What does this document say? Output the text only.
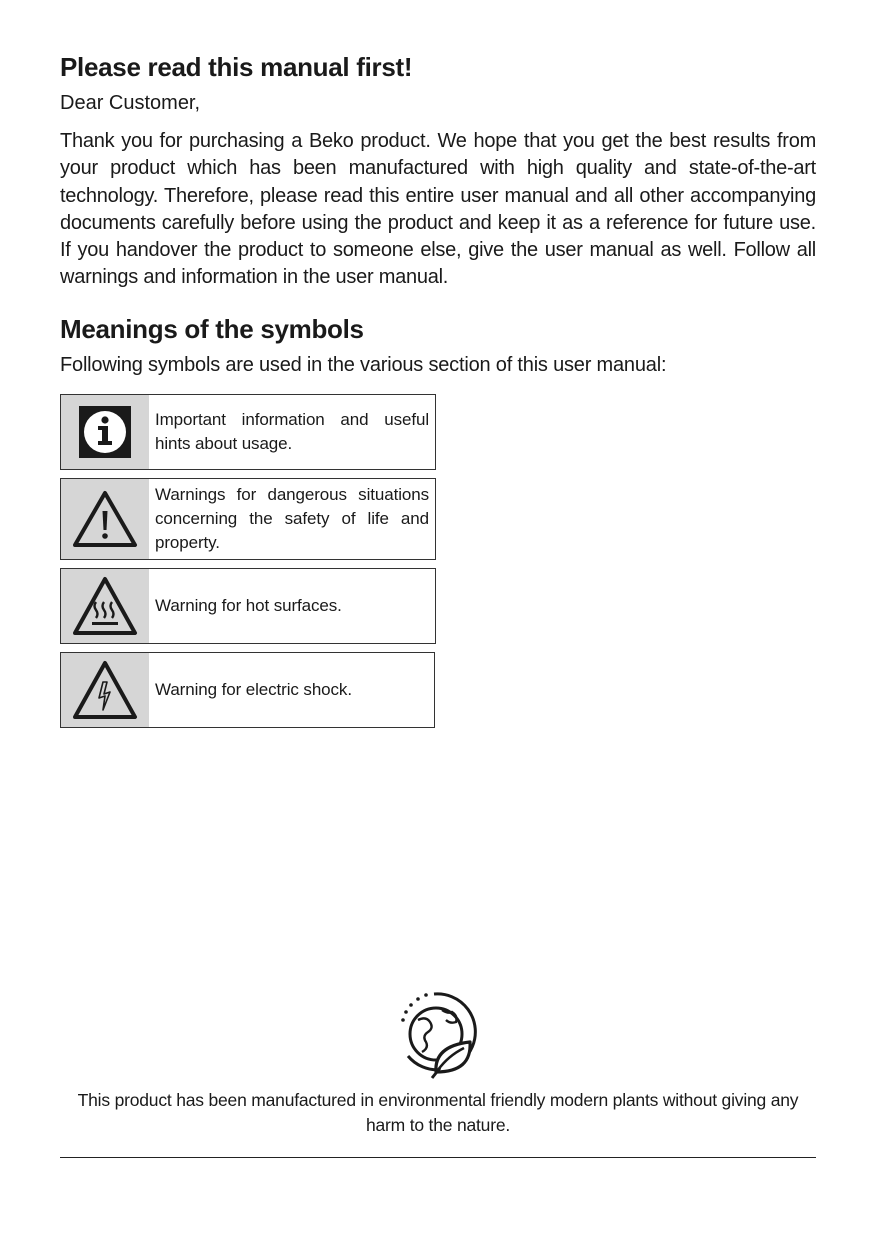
Please read this manual first!

Dear Customer,

Thank you for purchasing a Beko product. We hope that you get the best results from your product which has been manufactured with high quality and state-of-the-art technology. Therefore, please read this entire user manual and all other accompanying documents carefully before using the product and keep it as a reference for future use. If you handover the product to someone else, give the user manual as well. Follow all warnings and information in the user manual.

Meanings of the symbols

Following symbols are used in the various section of this user manual:

Important information and useful hints about usage.
Warnings for dangerous situations concerning the safety of life and property.
Warning for hot surfaces.
Warning for electric shock.

This product has been manufactured in environmental friendly modern plants without giving any harm to the nature.
